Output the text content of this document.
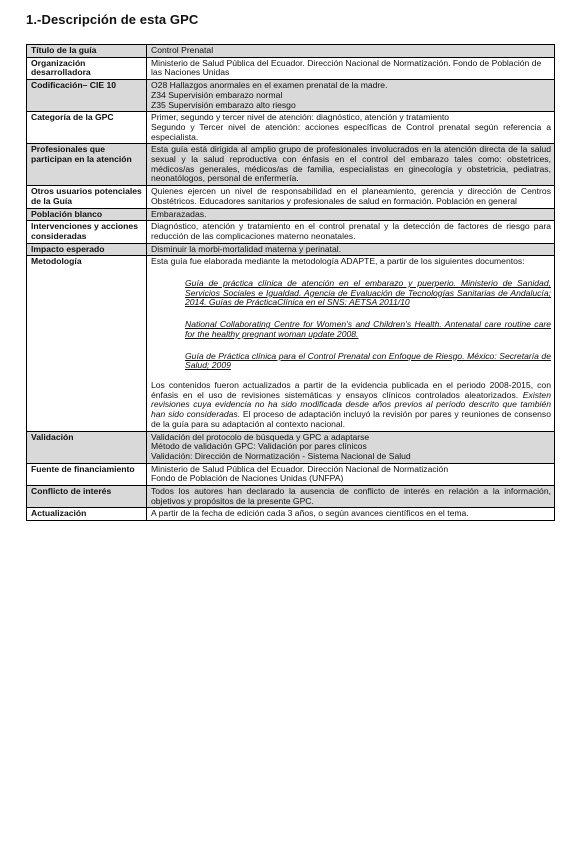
1.-Descripción de esta GPC
Título de la guía	Control Prenatal
Organización desarrolladora	Ministerio de Salud Pública del Ecuador. Dirección Nacional de Normatización. Fondo de Población de las Naciones Unidas
Codificación– CIE 10	O28 Hallazgos anormales en el examen prenatal de la madre.
Z34 Supervisión embarazo normal
Z35 Supervisión embarazo alto riesgo

Categoría de la GPC	Primer, segundo y tercer nivel de atención: diagnóstico, atención y tratamiento
Segundo y Tercer nivel de atención: acciones específicas de Control prenatal según referencia a especialista.

Profesionales que participan en la atención	Esta guía está dirigida al amplio grupo de profesionales involucrados en la atención directa de la salud sexual y la salud reproductiva con énfasis en el control del embarazo tales como: obstetrices, médicos/as generales, médicos/as de familia, especialistas en ginecología y obstetricia, pediatras, neonatólogos, personal de enfermería.
Otros usuarios potenciales de la Guía	Quienes ejercen un nivel de responsabilidad en el planeamiento, gerencia y dirección de Centros Obstétricos. Educadores sanitarios y profesionales de salud en formación. Población en general
Población blanco	Embarazadas.
Intervenciones y acciones consideradas	Diagnóstico, atención y tratamiento en el control prenatal y la detección de factores de riesgo para reducción de las complicaciones materno neonatales.
Impacto esperado	Disminuir la morbi-mortalidad materna y perinatal.
Metodología	Esta guía fue elaborada mediante la metodología ADAPTE, a partir de los siguientes documentos:
Guía de práctica clínica de atención en el embarazo y puerperio. Ministerio de Sanidad, Servicios Sociales e Igualdad. Agencia de Evaluación de Tecnologías Sanitarias de Andalucía; 2014. Guías de PrácticaClínica en el SNS: AETSA 2011/10
National Collaborating Centre for Women's and Children's Health. Antenatal care routine care for the healthy pregnant woman update 2008.
Guía de Práctica clínica para el Control Prenatal con Enfoque de Riesgo. México: Secretaría de Salud; 2009
Los contenidos fueron actualizados a partir de la evidencia publicada en el periodo 2008-2015, con énfasis en el uso de revisiones sistemáticas y ensayos clínicos controlados aleatorizados. Existen revisiones cuya evidencia no ha sido modificada desde años previos al período descrito que también han sido consideradas. El proceso de adaptación incluyó la revisión por pares y reuniones de consenso de la guía para su adaptación al contexto nacional.

Validación	Validación del protocolo de búsqueda y GPC a adaptarse
Método de validación GPC: Validación por pares clínicos
Validación: Dirección de Normatización - Sistema Nacional de Salud

Fuente de financiamiento	Ministerio de Salud Pública del Ecuador. Dirección Nacional de Normatización
Fondo de Población de Naciones Unidas (UNFPA)

Conflicto de interés	Todos los autores han declarado la ausencia de conflicto de interés en relación a la información, objetivos y propósitos de la presente GPC.
Actualización	A partir de la fecha de edición cada 3 años, o según avances científicos en el tema.
